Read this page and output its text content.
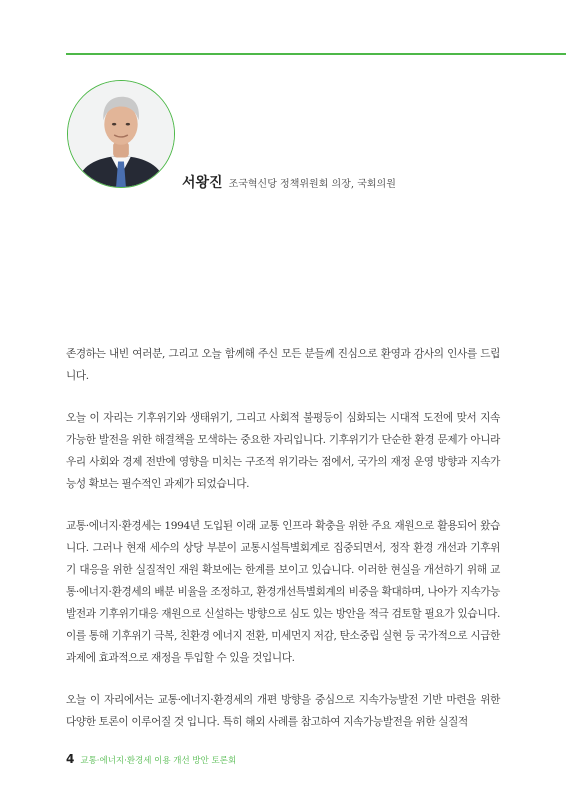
서왕진 조국혁신당 정책위원회 의장, 국회의원

존경하는 내빈 여러분, 그리고 오늘 함께해 주신 모든 분들께 진심으로 환영과 감사의 인사를 드립니다.

오늘 이 자리는 기후위기와 생태위기, 그리고 사회적 불평등이 심화되는 시대적 도전에 맞서 지속가능한 발전을 위한 해결책을 모색하는 중요한 자리입니다. 기후위기가 단순한 환경 문제가 아니라 우리 사회와 경제 전반에 영향을 미치는 구조적 위기라는 점에서, 국가의 재정 운영 방향과 지속가능성 확보는 필수적인 과제가 되었습니다.

교통·에너지·환경세는 1994년 도입된 이래 교통 인프라 확충을 위한 주요 재원으로 활용되어 왔습니다. 그러나 현재 세수의 상당 부분이 교통시설특별회계로 집중되면서, 정작 환경 개선과 기후위기 대응을 위한 실질적인 재원 확보에는 한계를 보이고 있습니다. 이러한 현실을 개선하기 위해 교통·에너지·환경세의 배분 비율을 조정하고, 환경개선특별회계의 비중을 확대하며, 나아가 지속가능발전과 기후위기대응 재원으로 신설하는 방향으로 심도 있는 방안을 적극 검토할 필요가 있습니다. 이를 통해 기후위기 극복, 친환경 에너지 전환, 미세먼지 저감, 탄소중립 실현 등 국가적으로 시급한 과제에 효과적으로 재정을 투입할 수 있을 것입니다.

오늘 이 자리에서는 교통·에너지·환경세의 개편 방향을 중심으로 지속가능발전 기반 마련을 위한 다양한 토론이 이루어질 것 입니다. 특히 해외 사례를 참고하여 지속가능발전을 위한 실질적

4 교통·에너지·환경세 이용 개선 방안 토론회
